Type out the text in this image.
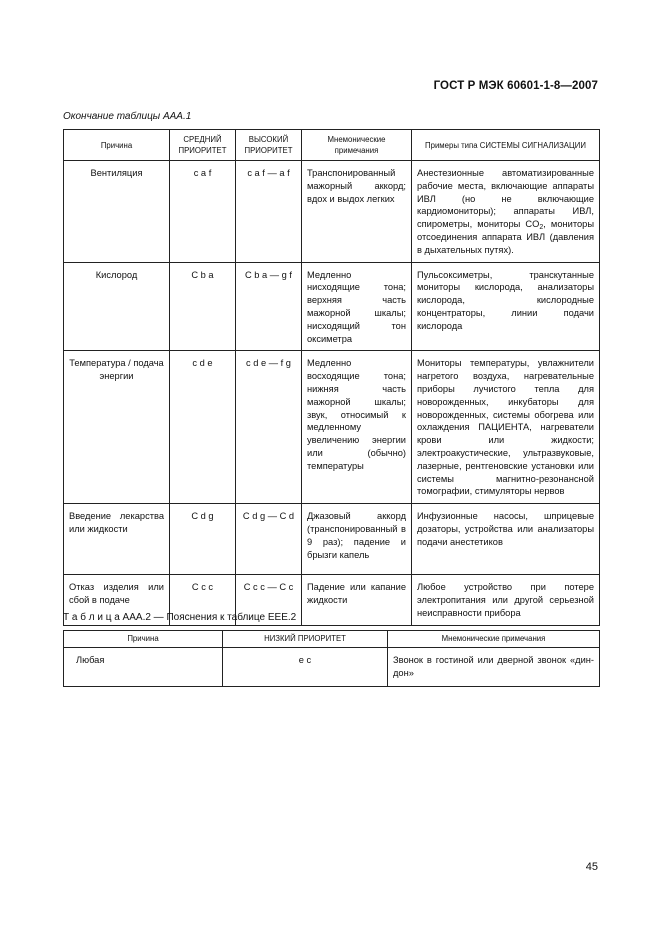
ГОСТ Р МЭК 60601-1-8—2007
Окончание таблицы ААА.1
Причина	СРЕДНИЙ ПРИОРИТЕТ	ВЫСОКИЙ ПРИОРИТЕТ	Мнемонические примечания	Примеры типа СИСТЕМЫ СИГНАЛИЗАЦИИ
Вентиляция	c a f	c a f — a f	Транспонированный мажорный аккорд; вдох и выдох легких	Анестезионные автоматизированные рабочие места, включающие аппараты ИВЛ (но не включающие кардиомониторы); аппараты ИВЛ, спирометры, мониторы $CO_2$, мониторы отсоединения аппарата ИВЛ (давления в дыхательных путях).
Кислород	C b a	C b a — g f	Медленно нисходящие тона; верхняя часть мажорной шкалы; нисходящий тон оксиметра	Пульсоксиметры, транскутанные мониторы кислорода, анализаторы кислорода, кислородные концентраторы, линии подачи кислорода
Температура / подача энергии	c d e	c d e — f g	Медленно восходящие тона; нижняя часть мажорной шкалы; звук, относимый к медленному увеличению энергии или (обычно) температуры	Мониторы температуры, увлажнители нагретого воздуха, нагревательные приборы лучистого тепла для новорожденных, инкубаторы для новорожденных, системы обогрева или охлаждения ПАЦИЕНТА, нагреватели крови или жидкости; электроакустические, ультразвуковые, лазерные, рентгеновские установки или системы магнитно-резонансной томографии, стимуляторы нервов
Введение лекарства или жидкости	C d g	C d g — C d	Джазовый аккорд (транспонированный в 9 раз); падение и брызги капель	Инфузионные насосы, шприцевые дозаторы, устройства или анализаторы подачи анестетиков
Отказ изделия или сбой в подаче	C c c	C c c — C c	Падение или капание жидкости	Любое устройство при потере электропитания или другой серьезной неисправности прибора
Т а б л и ц а ААА.2 — Пояснения к таблице ЕЕЕ.2
Причина	НИЗКИЙ ПРИОРИТЕТ	Мнемонические примечания
Любая	e c	Звонок в гостиной или дверной звонок «дин-дон»
45
